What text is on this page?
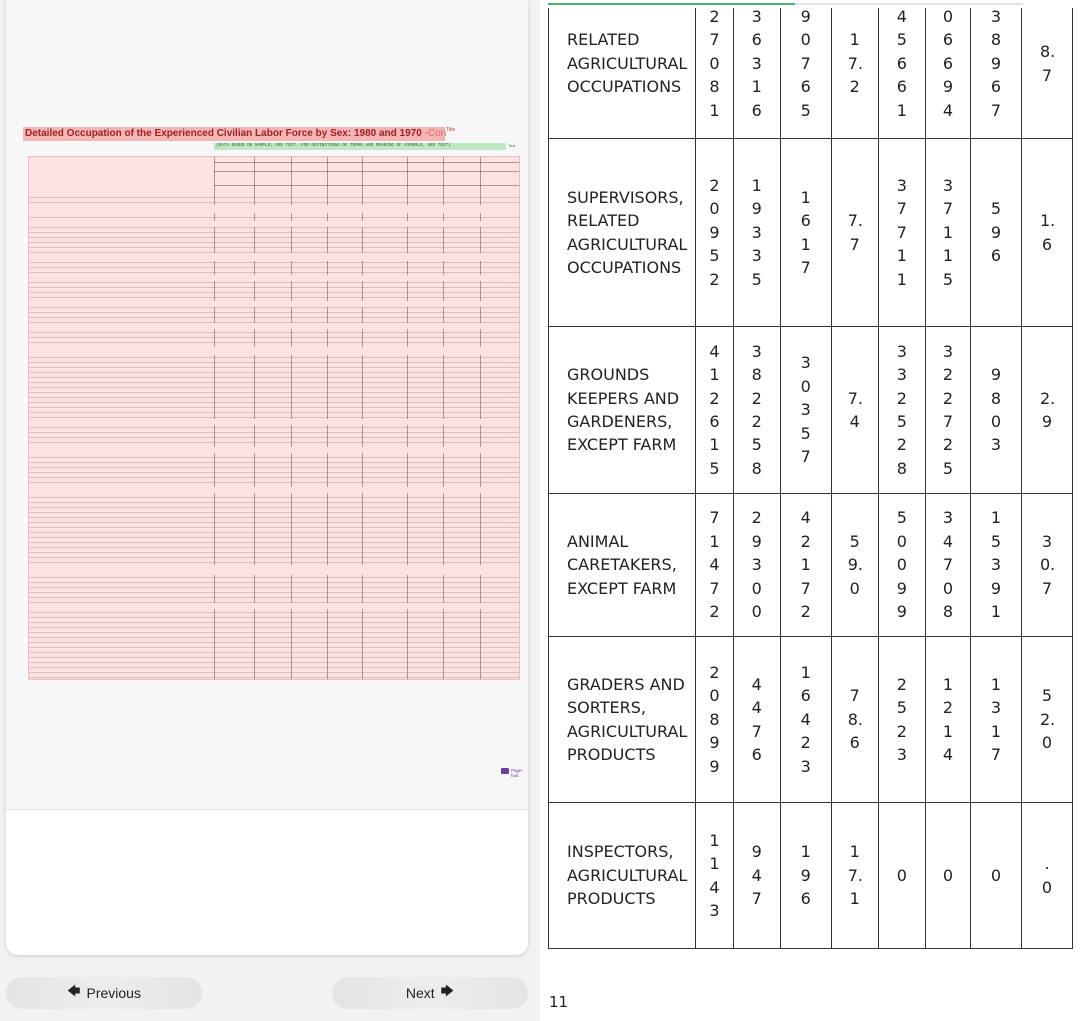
Detailed Occupation of the Experienced Civilian Labor Force by Sex: 1980 and 1970 -Con Title
(DATA BASED ON SAMPLE; SEE TEXT. FOR DEFINITIONS OF TERMS AND MEANING OF SYMBOLS, SEE TEXT)	Text
Page-foot
🡄 Previous	Next 🡆
RELATED AGRICULTURAL OCCUPATIONS	27081	36316	90765	17.2	45661	06694	38967	8.7
SUPERVISORS, RELATED AGRICULTURAL OCCUPATIONS	20952	19335	1617	7.7	37711	37115	596	1.6
GROUNDS KEEPERS AND GARDENERS, EXCEPT FARM	412615	382258	30357	7.4	332528	322725	9803	2.9
ANIMAL CARETAKERS, EXCEPT FARM	71472	29300	42172	59.0	50099	34708	15391	30.7
GRADERS AND SORTERS, AGRICULTURAL PRODUCTS	20899	4476	16423	78.6	2523	1214	1317	52.0
INSPECTORS, AGRICULTURAL PRODUCTS	1143	947	196	17.1	0	0	0	.0
11
